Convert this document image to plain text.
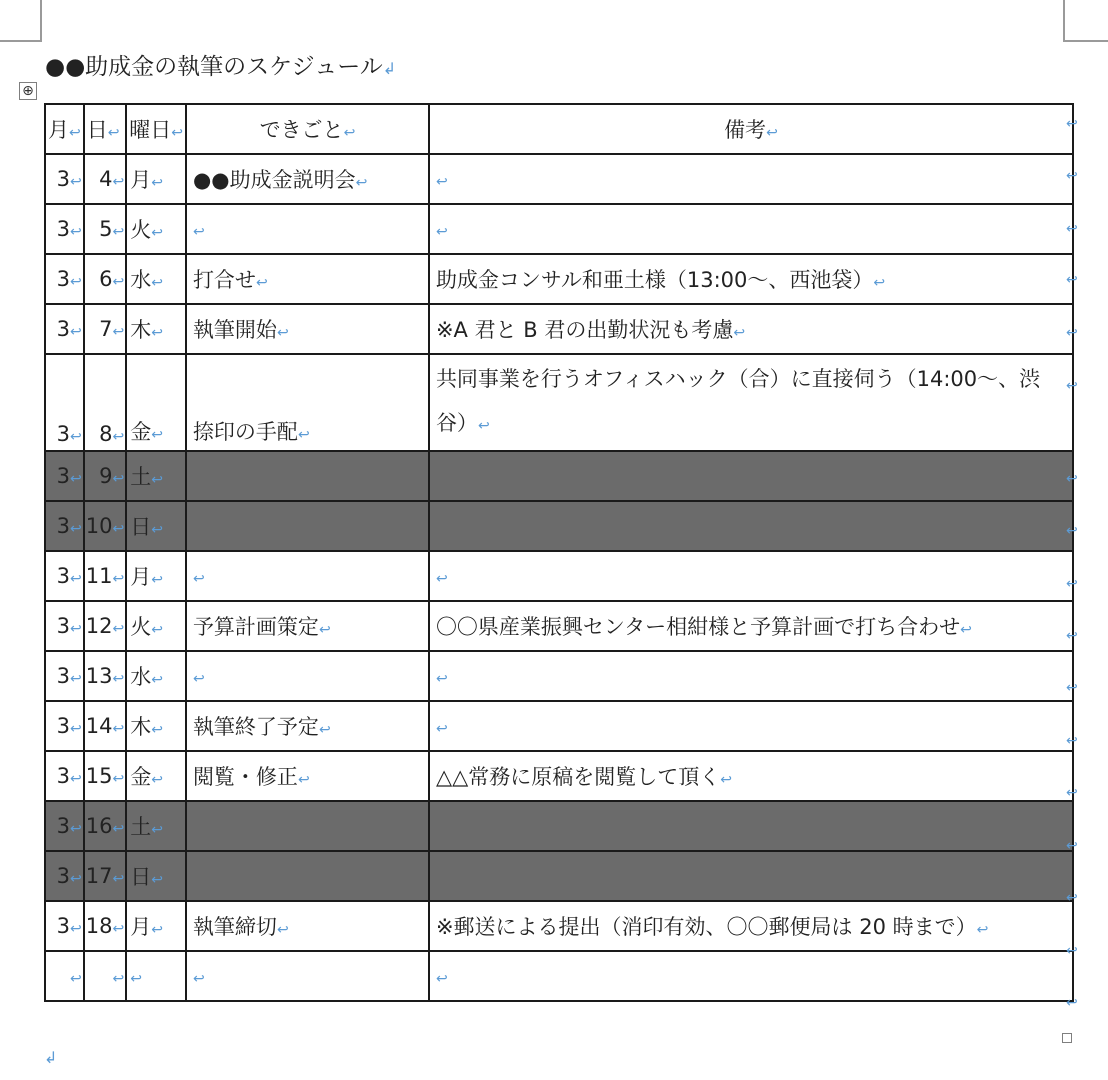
●●助成金の執筆のスケジュール↲
⊕
月↩	日↩	曜日↩	できごと↩	備考↩
3↩	4↩	月↩	●●助成金説明会↩	↩
3↩	5↩	火↩	↩	↩
3↩	6↩	水↩	打合せ↩	助成金コンサル和亜土様（13:00〜、西池袋）↩
3↩	7↩	木↩	執筆開始↩	※A 君と B 君の出勤状況も考慮↩
3↩	8↩	金↩	捺印の手配↩	共同事業を行うオフィスハック（合）に直接伺う（14:00〜、渋谷）↩
3↩	9↩	土↩		
3↩	10↩	日↩		
3↩	11↩	月↩	↩	↩
3↩	12↩	火↩	予算計画策定↩	〇〇県産業振興センター相紺様と予算計画で打ち合わせ↩
3↩	13↩	水↩	↩	↩
3↩	14↩	木↩	執筆終了予定↩	↩
3↩	15↩	金↩	閲覧・修正↩	△△常務に原稿を閲覧して頂く↩
3↩	16↩	土↩		
3↩	17↩	日↩		
3↩	18↩	月↩	執筆締切↩	※郵送による提出（消印有効、〇〇郵便局は 20 時まで）↩
↩	↩	↩	↩	↩
↩
↩
↩
↩
↩
↩
↩
↩
↩
↩
↩
↩
↩
↩
↩
↩
↩
↲
